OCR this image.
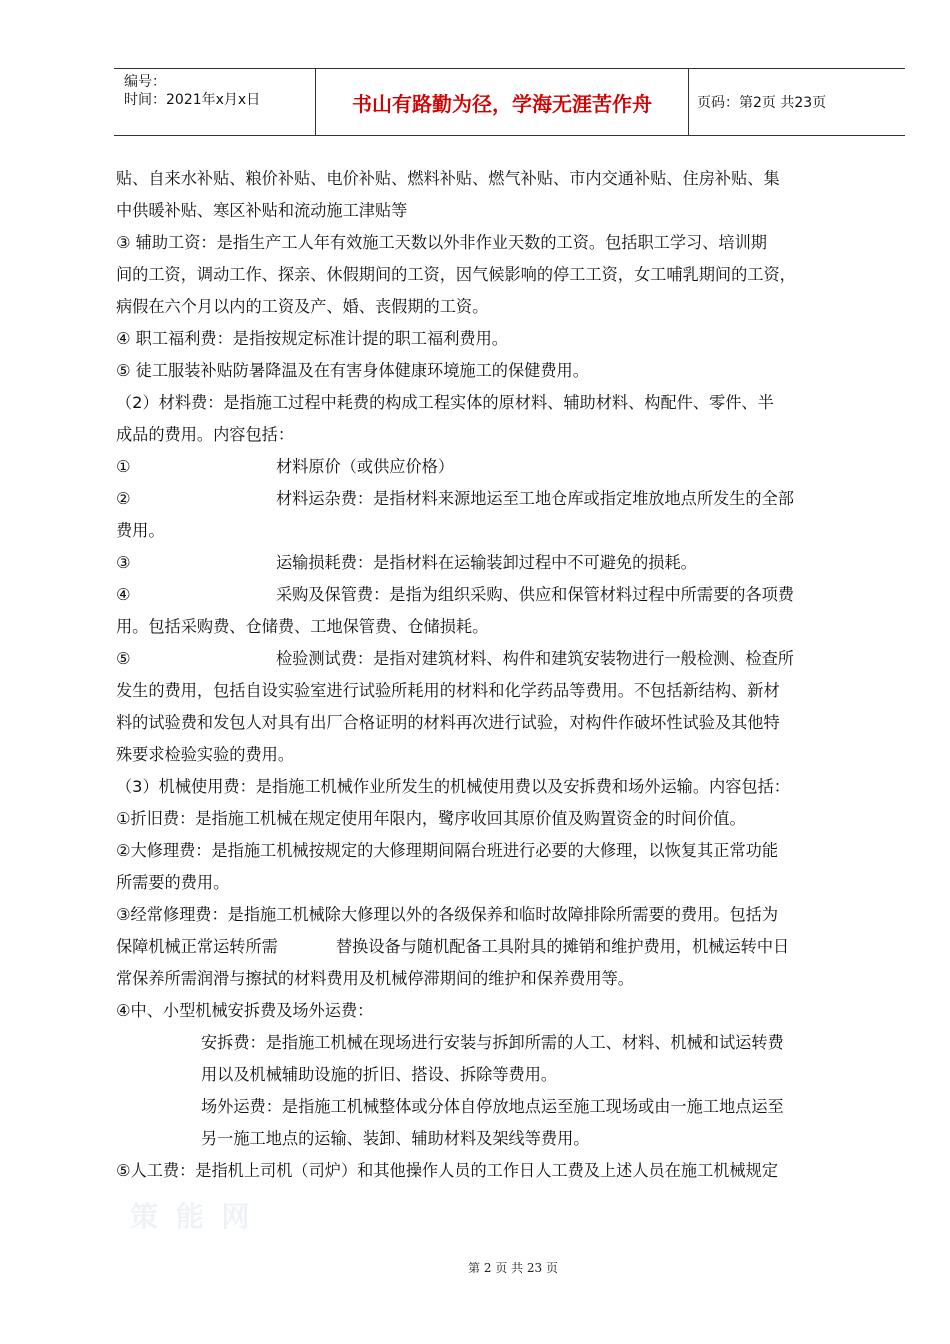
编号：
时间：2021年x月x日	书山有路勤为径，学海无涯苦作舟	页码：第2页 共23页
贴、自来水补贴、粮价补贴、电价补贴、燃料补贴、燃气补贴、市内交通补贴、住房补贴、集
中供暖补贴、寒区补贴和流动施工津贴等
③ 辅助工资：是指生产工人年有效施工天数以外非作业天数的工资。包括职工学习、培训期
间的工资，调动工作、探亲、休假期间的工资，因气候影响的停工工资，女工哺乳期间的工资，
病假在六个月以内的工资及产、婚、丧假期的工资。
④ 职工福利费：是指按规定标准计提的职工福利费用。
⑤ 徒工服装补贴防暑降温及在有害身体健康环境施工的保健费用。
（2）材料费：是指施工过程中耗费的构成工程实体的原材料、辅助材料、构配件、零件、半
成品的费用。内容包括：
①	材料原价（或供应价格）
②	材料运杂费：是指材料来源地运至工地仓库或指定堆放地点所发生的全部
费用。
③	运输损耗费：是指材料在运输装卸过程中不可避免的损耗。
④	采购及保管费：是指为组织采购、供应和保管材料过程中所需要的各项费
用。包括采购费、仓储费、工地保管费、仓储损耗。
⑤	检验测试费：是指对建筑材料、构件和建筑安装物进行一般检测、检查所
发生的费用，包括自设实验室进行试验所耗用的材料和化学药品等费用。不包括新结构、新材
料的试验费和发包人对具有出厂合格证明的材料再次进行试验，对构件作破坏性试验及其他特
殊要求检验实验的费用。
（3）机械使用费：是指施工机械作业所发生的机械使用费以及安拆费和场外运输。内容包括：
①折旧费：是指施工机械在规定使用年限内，鹭序收回其原价值及购置资金的时间价值。
②大修理费：是指施工机械按规定的大修理期间隔台班进行必要的大修理，以恢复其正常功能
所需要的费用。
③经常修理费：是指施工机械除大修理以外的各级保养和临时故障排除所需要的费用。包括为
保障机械正常运转所需	替换设备与随机配备工具附具的摊销和维护费用，机械运转中日
常保养所需润滑与擦拭的材料费用及机械停滞期间的维护和保养费用等。
④中、小型机械安拆费及场外运费：
安拆费：是指施工机械在现场进行安装与拆卸所需的人工、材料、机械和试运转费
用以及机械辅助设施的折旧、搭设、拆除等费用。
场外运费：是指施工机械整体或分体自停放地点运至施工现场或由一施工地点运至
另一施工地点的运输、装卸、辅助材料及架线等费用。
⑤人工费：是指机上司机（司炉）和其他操作人员的工作日人工费及上述人员在施工机械规定
策 能 网
第 2 页 共 23 页
